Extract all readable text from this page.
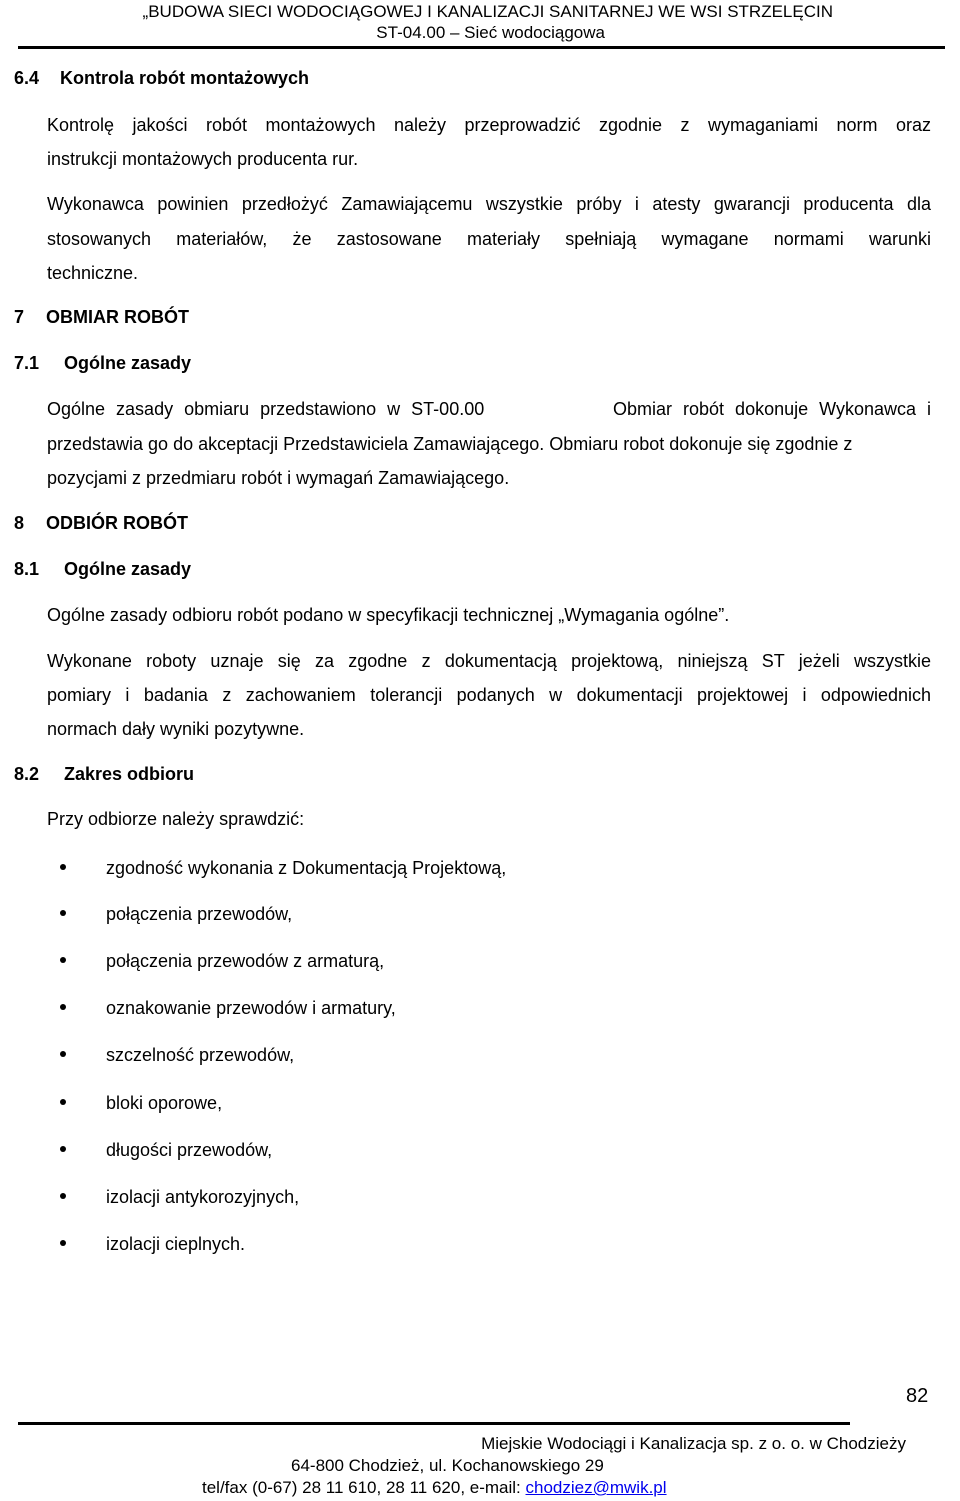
„BUDOWA SIECI WODOCIĄGOWEJ I KANALIZACJI SANITARNEJ WE WSI STRZELĘCIN
ST-04.00 – Sieć wodociągowa
6.4 Kontrola robót montażowych
Kontrolę jakości robót montażowych należy przeprowadzić zgodnie z wymaganiami norm oraz
instrukcji montażowych producenta rur.
Wykonawca powinien przedłożyć Zamawiającemu wszystkie próby i atesty gwarancji producenta dla
stosowanych materiałów, że zastosowane materiały spełniają wymagane normami warunki
techniczne.
7 OBMIAR ROBÓT
7.1 Ogólne zasady
Ogólne zasady obmiaru przedstawiono w ST-00.00	Obmiar robót dokonuje Wykonawca i
przedstawia go do akceptacji Przedstawiciela Zamawiającego. Obmiaru robot dokonuje się zgodnie z
pozycjami z przedmiaru robót i wymagań Zamawiającego.
8 ODBIÓR ROBÓT
8.1 Ogólne zasady
Ogólne zasady odbioru robót podano w specyfikacji technicznej „Wymagania ogólne”.
Wykonane roboty uznaje się za zgodne z dokumentacją projektową, niniejszą ST jeżeli wszystkie
pomiary i badania z zachowaniem tolerancji podanych w dokumentacji projektowej i odpowiednich
normach dały wyniki pozytywne.
8.2 Zakres odbioru
Przy odbiorze należy sprawdzić:
zgodność wykonania z Dokumentacją Projektową,
połączenia przewodów,
połączenia przewodów z armaturą,
oznakowanie przewodów i armatury,
szczelność przewodów,
bloki oporowe,
długości przewodów,
izolacji antykorozyjnych,
izolacji cieplnych.
82
Miejskie Wodociągi i Kanalizacja sp. z o. o. w Chodzieży
64-800 Chodzież, ul. Kochanowskiego 29
tel/fax (0-67) 28 11 610, 28 11 620, e-mail: chodziez@mwik.pl
